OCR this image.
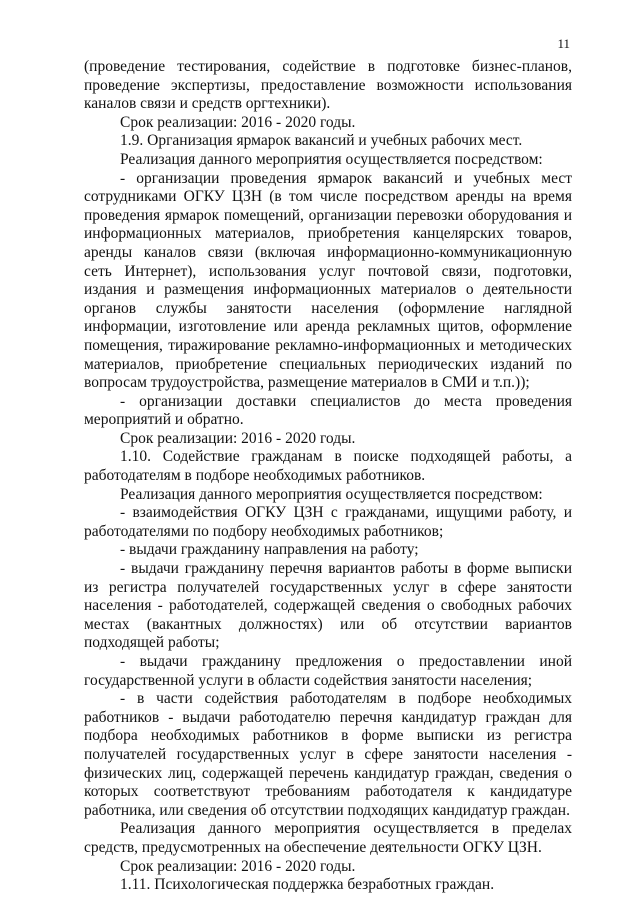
11

(проведение тестирования, содействие в подготовке бизнес-планов, проведение экспертизы, предоставление возможности использования каналов связи и средств оргтехники).

Срок реализации: 2016 - 2020 годы.

1.9. Организация ярмарок вакансий и учебных рабочих мест.

Реализация данного мероприятия осуществляется посредством:

- организации проведения ярмарок вакансий и учебных мест сотрудниками ОГКУ ЦЗН (в том числе посредством аренды на время проведения ярмарок помещений, организации перевозки оборудования и информационных материалов, приобретения канцелярских товаров, аренды каналов связи (включая информационно-коммуникационную сеть Интернет), использования услуг почтовой связи, подготовки, издания и размещения информационных материалов о деятельности органов службы занятости населения (оформление наглядной информации, изготовление или аренда рекламных щитов, оформление помещения, тиражирование рекламно-информационных и методических материалов, приобретение специальных периодических изданий по вопросам трудоустройства, размещение материалов в СМИ и т.п.));

- организации доставки специалистов до места проведения мероприятий и обратно.

Срок реализации: 2016 - 2020 годы.

1.10. Содействие гражданам в поиске подходящей работы, а работодателям в подборе необходимых работников.

Реализация данного мероприятия осуществляется посредством:

- взаимодействия ОГКУ ЦЗН с гражданами, ищущими работу, и работодателями по подбору необходимых работников;

- выдачи гражданину направления на работу;

- выдачи гражданину перечня вариантов работы в форме выписки из регистра получателей государственных услуг в сфере занятости населения - работодателей, содержащей сведения о свободных рабочих местах (вакантных должностях) или об отсутствии вариантов подходящей работы;

- выдачи гражданину предложения о предоставлении иной государственной услуги в области содействия занятости населения;

- в части содействия работодателям в подборе необходимых работников - выдачи работодателю перечня кандидатур граждан для подбора необходимых работников в форме выписки из регистра получателей государственных услуг в сфере занятости населения - физических лиц, содержащей перечень кандидатур граждан, сведения о которых соответствуют требованиям работодателя к кандидатуре работника, или сведения об отсутствии подходящих кандидатур граждан.

Реализация данного мероприятия осуществляется в пределах средств, предусмотренных на обеспечение деятельности ОГКУ ЦЗН.

Срок реализации: 2016 - 2020 годы.

1.11. Психологическая поддержка безработных граждан.
